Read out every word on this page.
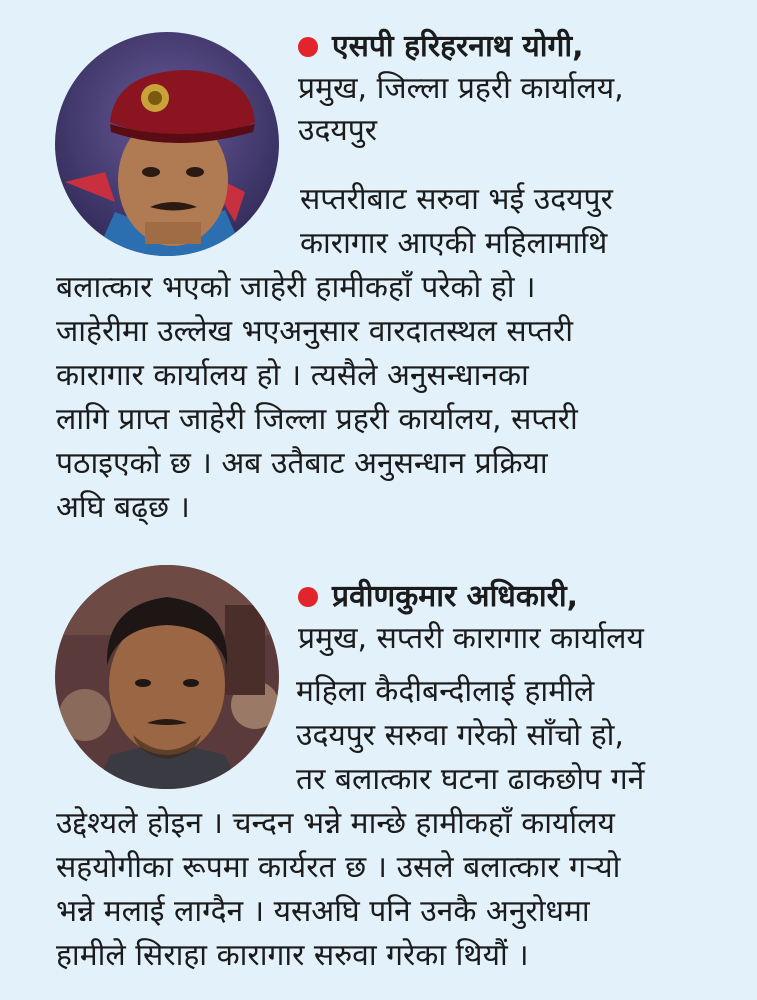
एसपी हरिहरनाथ योगी,
प्रमुख, जिल्ला प्रहरी कार्यालय,
उदयपुर
सप्तरीबाट सरुवा भई उदयपुर
कारागार आएकी महिलामाथि
बलात्कार भएको जाहेरी हामीकहाँ परेको हो ।
जाहेरीमा उल्लेख भएअनुसार वारदातस्थल सप्तरी
कारागार कार्यालय हो । त्यसैले अनुसन्धानका
लागि प्राप्त जाहेरी जिल्ला प्रहरी कार्यालय, सप्तरी
पठाइएको छ । अब उतैबाट अनुसन्धान प्रक्रिया
अघि बढ्छ ।
प्रवीणकुमार अधिकारी,
प्रमुख, सप्तरी कारागार कार्यालय
महिला कैदीबन्दीलाई हामीले
उदयपुर सरुवा गरेको साँचो हो,
तर बलात्कार घटना ढाकछोप गर्ने
उद्देश्यले होइन । चन्दन भन्ने मान्छे हामीकहाँ कार्यालय
सहयोगीका रूपमा कार्यरत छ । उसले बलात्कार गऱ्यो
भन्ने मलाई लाग्दैन । यसअघि पनि उनकै अनुरोधमा
हामीले सिराहा कारागार सरुवा गरेका थियौं ।
